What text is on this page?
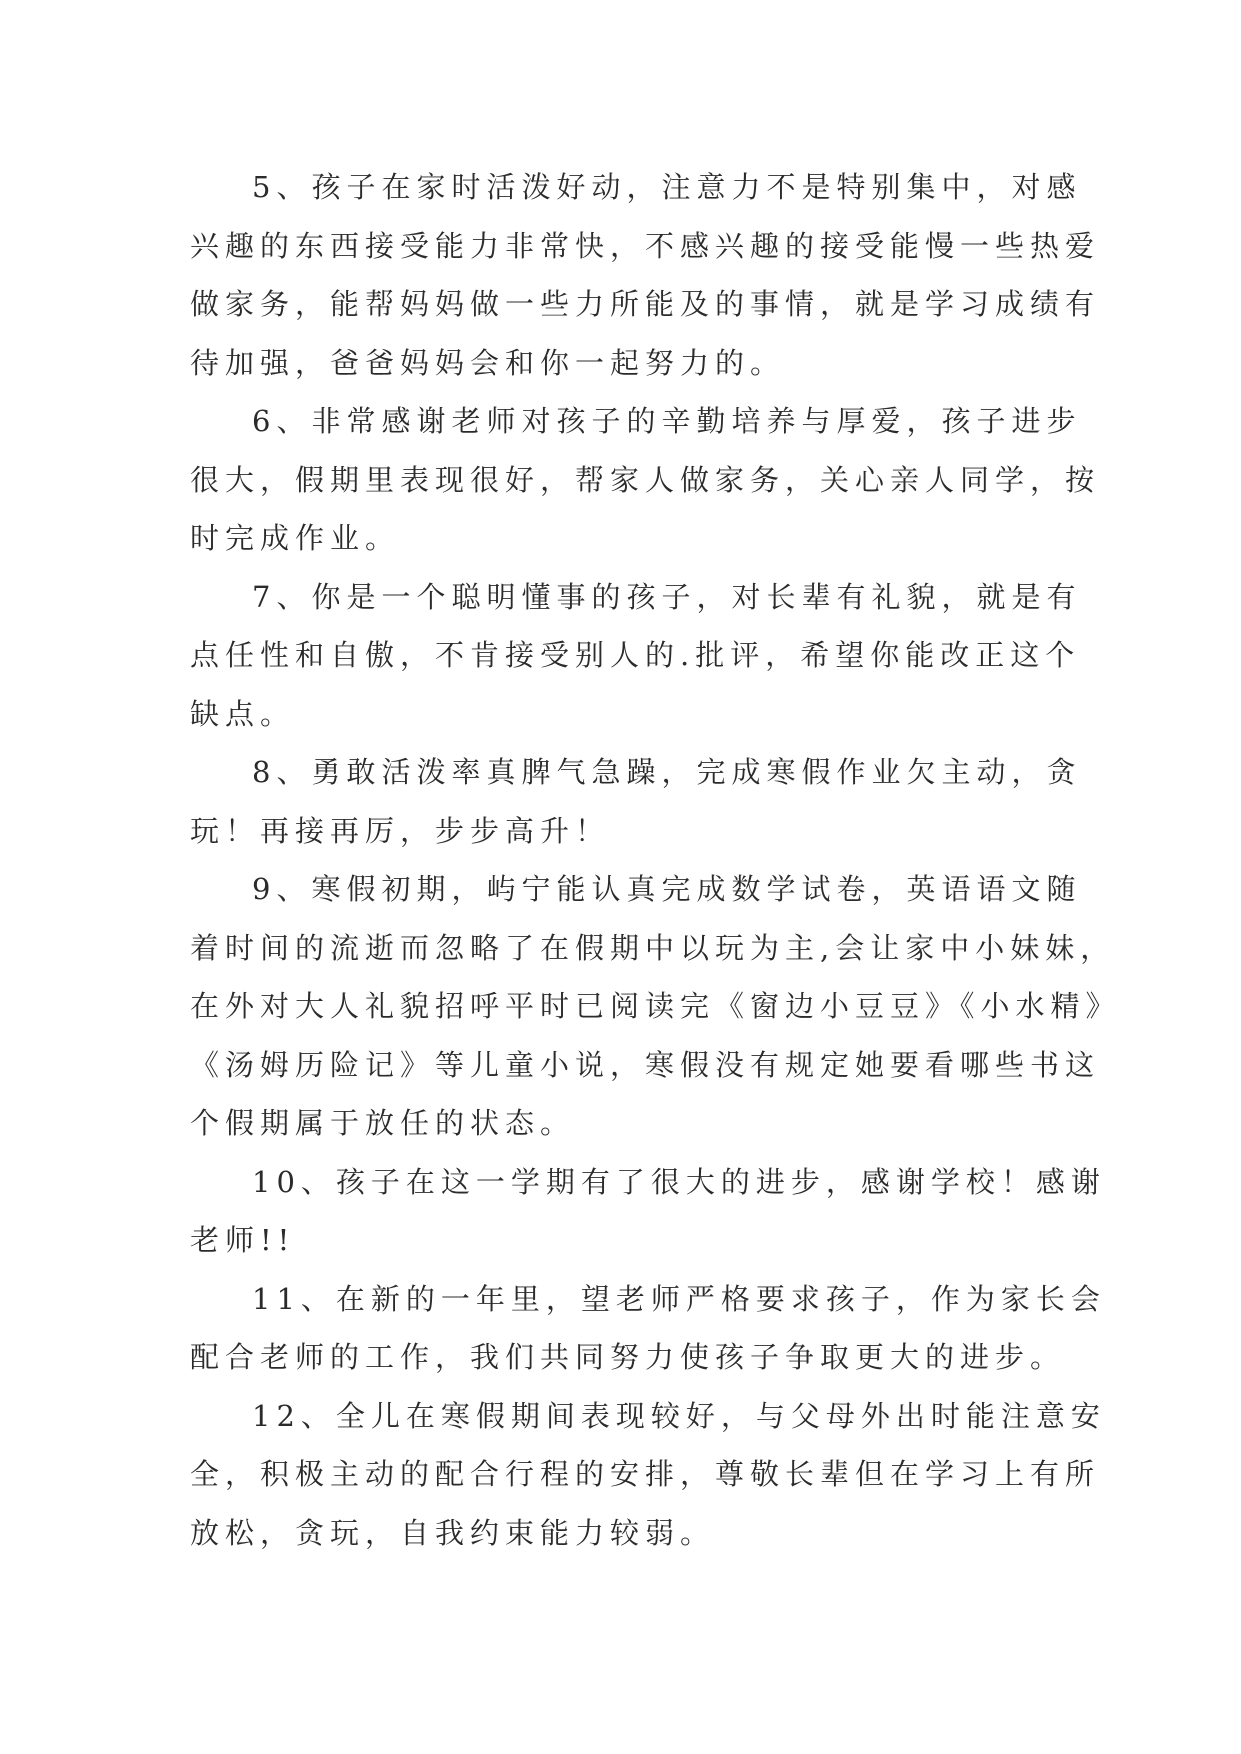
5、孩子在家时活泼好动，注意力不是特别集中，对感
兴趣的东西接受能力非常快，不感兴趣的接受能慢一些热爱
做家务，能帮妈妈做一些力所能及的事情，就是学习成绩有
待加强，爸爸妈妈会和你一起努力的。
6、非常感谢老师对孩子的辛勤培养与厚爱，孩子进步
很大，假期里表现很好，帮家人做家务，关心亲人同学，按
时完成作业。
7、你是一个聪明懂事的孩子，对长辈有礼貌，就是有
点任性和自傲，不肯接受别人的.批评，希望你能改正这个
缺点。
8、勇敢活泼率真脾气急躁，完成寒假作业欠主动，贪
玩！再接再厉，步步高升！
9、寒假初期，屿宁能认真完成数学试卷，英语语文随
着时间的流逝而忽略了在假期中以玩为主,会让家中小妹妹，
在外对大人礼貌招呼平时已阅读完《窗边小豆豆》《小水精》
《汤姆历险记》等儿童小说，寒假没有规定她要看哪些书这
个假期属于放任的状态。
10、孩子在这一学期有了很大的进步，感谢学校！感谢
老师!!
11、在新的一年里，望老师严格要求孩子，作为家长会
配合老师的工作，我们共同努力使孩子争取更大的进步。
12、全儿在寒假期间表现较好，与父母外出时能注意安
全，积极主动的配合行程的安排，尊敬长辈但在学习上有所
放松，贪玩，自我约束能力较弱。
